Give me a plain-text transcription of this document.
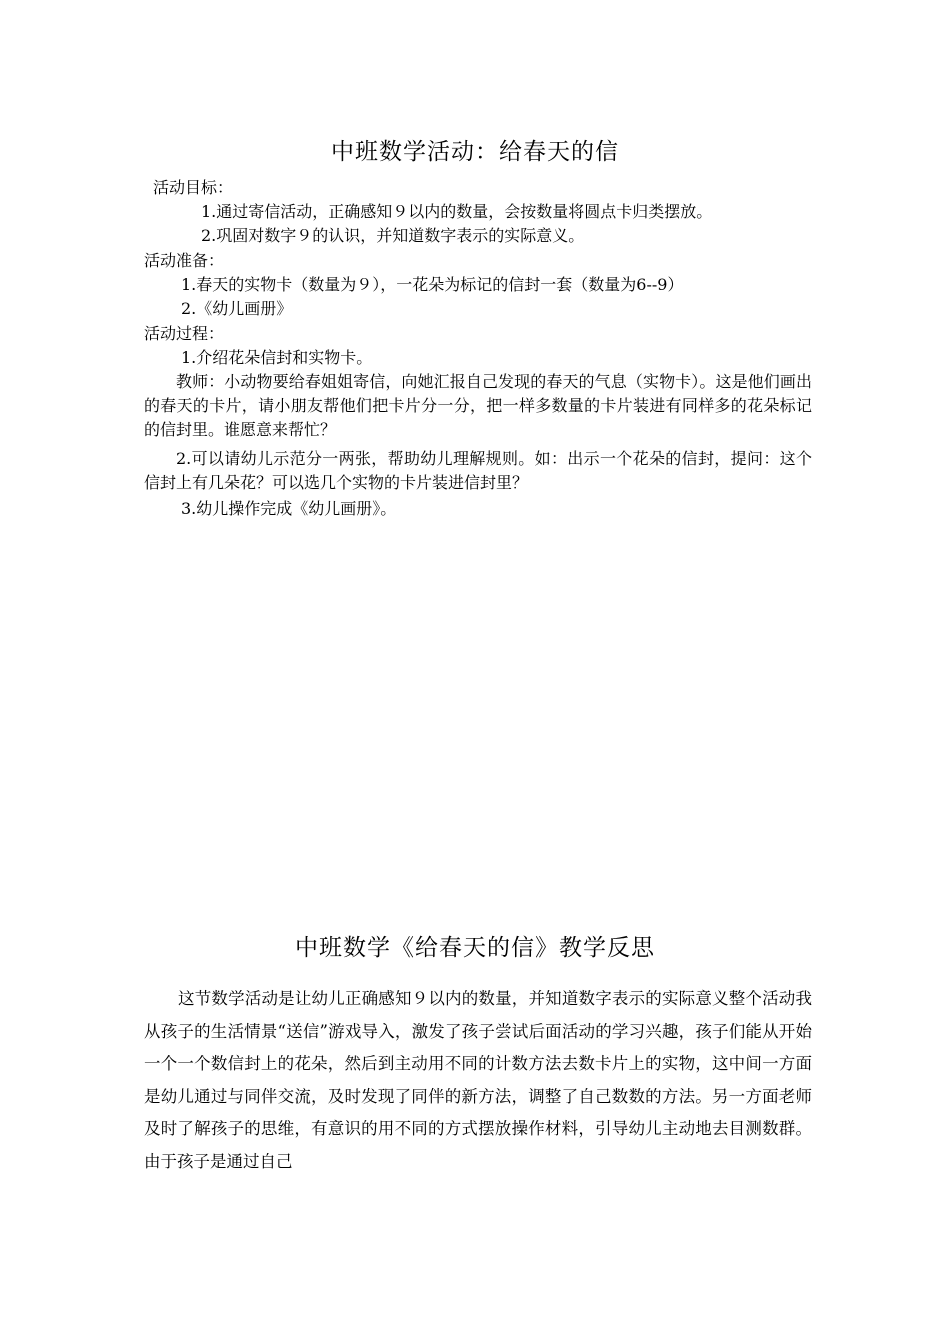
中班数学活动：给春天的信
活动目标：
1.通过寄信活动，正确感知９以内的数量，会按数量将圆点卡归类摆放。
2.巩固对数字９的认识，并知道数字表示的实际意义。
活动准备：
1.春天的实物卡（数量为９），一花朵为标记的信封一套（数量为6--9）
2.《幼儿画册》
活动过程：
1.介绍花朵信封和实物卡。
教师：小动物要给春姐姐寄信，向她汇报自己发现的春天的气息（实物卡）。这是他们画出的春天的卡片，请小朋友帮他们把卡片分一分，把一样多数量的卡片装进有同样多的花朵标记的信封里。谁愿意来帮忙？
2.可以请幼儿示范分一两张，帮助幼儿理解规则。如：出示一个花朵的信封，提问：这个信封上有几朵花？可以选几个实物的卡片装进信封里？
3.幼儿操作完成《幼儿画册》。
中班数学《给春天的信》教学反思
这节数学活动是让幼儿正确感知９以内的数量，并知道数字表示的实际意义整个活动我从孩子的生活情景“送信”游戏导入，激发了孩子尝试后面活动的学习兴趣，孩子们能从开始一个一个数信封上的花朵，然后到主动用不同的计数方法去数卡片上的实物，这中间一方面是幼儿通过与同伴交流，及时发现了同伴的新方法，调整了自己数数的方法。另一方面老师及时了解孩子的思维，有意识的用不同的方式摆放操作材料，引导幼儿主动地去目测数群。由于孩子是通过自己
